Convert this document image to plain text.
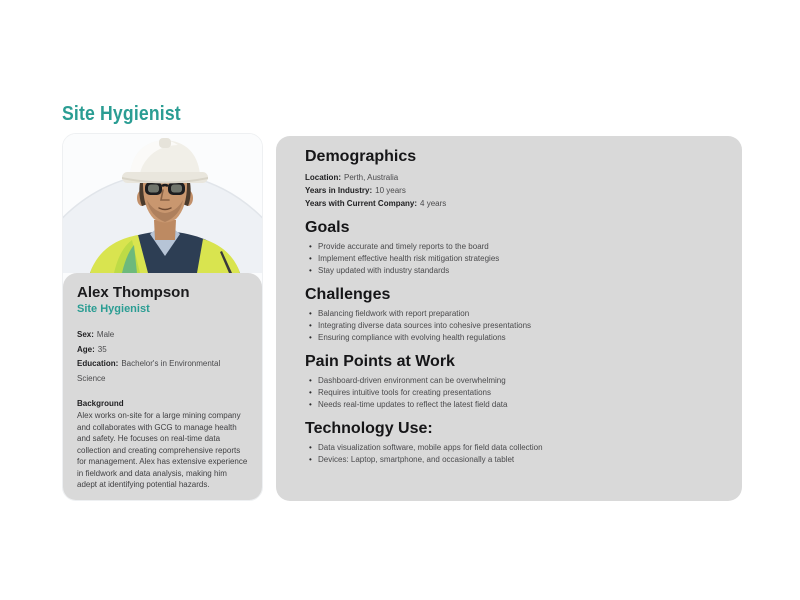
Site Hygienist
Alex Thompson
Site Hygienist
Sex: Male
Age: 35
Education: Bachelor's in Environmental Science
Background

Alex works on-site for a large mining company and collaborates with GCG to manage health and safety. He focuses on real-time data collection and creating comprehensive reports for management. Alex has extensive experience in fieldwork and data analysis, making him adept at identifying potential hazards.

Demographics
Location: Perth, Australia
Years in Industry: 10 years
Years with Current Company: 4 years
Goals
• Provide accurate and timely reports to the board
• Implement effective health risk mitigation strategies
• Stay updated with industry standards
Challenges
• Balancing fieldwork with report preparation
• Integrating diverse data sources into cohesive presentations
• Ensuring compliance with evolving health regulations
Pain Points at Work
• Dashboard-driven environment can be overwhelming
• Requires intuitive tools for creating presentations
• Needs real-time updates to reflect the latest field data
Technology Use:
• Data visualization software, mobile apps for field data collection
• Devices: Laptop, smartphone, and occasionally a tablet
